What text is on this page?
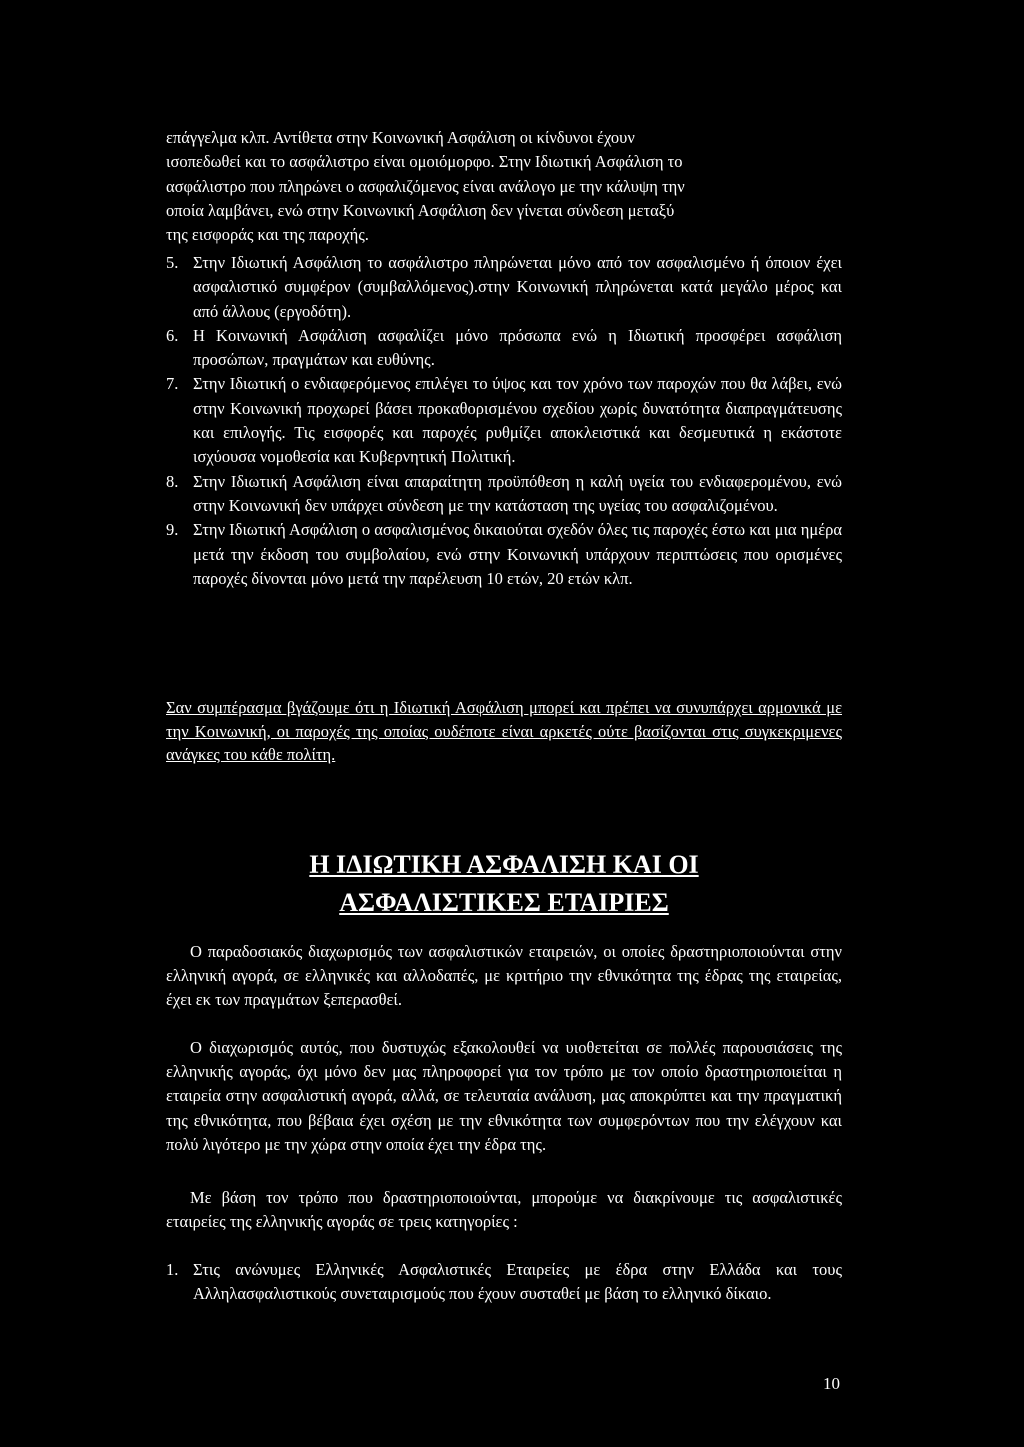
επάγγελμα κλπ. Αντίθετα στην Κοινωνική Ασφάλιση οι κίνδυνοι έχουν
ισοπεδωθεί και το ασφάλιστρο είναι ομοιόμορφο. Στην Ιδιωτική Ασφάλιση το
ασφάλιστρο που πληρώνει ο ασφαλιζόμενος είναι ανάλογο με την κάλυψη την
οποία λαμβάνει, ενώ στην Κοινωνική Ασφάλιση δεν γίνεται σύνδεση μεταξύ
της εισφοράς και της παροχής.
5. Στην Ιδιωτική Ασφάλιση το ασφάλιστρο πληρώνεται μόνο από τον ασφαλισμένο ή όποιον έχει ασφαλιστικό συμφέρον (συμβαλλόμενος).στην Κοινωνική πληρώνεται κατά μεγάλο μέρος και από άλλους (εργοδότη).
6. Η Κοινωνική Ασφάλιση ασφαλίζει μόνο πρόσωπα ενώ η Ιδιωτική προσφέρει ασφάλιση προσώπων, πραγμάτων και ευθύνης.
7. Στην Ιδιωτική ο ενδιαφερόμενος επιλέγει το ύψος και τον χρόνο των παροχών που θα λάβει, ενώ στην Κοινωνική προχωρεί βάσει προκαθορισμένου σχεδίου χωρίς δυνατότητα διαπραγμάτευσης και επιλογής. Τις εισφορές και παροχές ρυθμίζει αποκλειστικά και δεσμευτικά η εκάστοτε ισχύουσα νομοθεσία και Κυβερνητική Πολιτική.
8. Στην Ιδιωτική Ασφάλιση είναι απαραίτητη προϋπόθεση η καλή υγεία του ενδιαφερομένου, ενώ στην Κοινωνική δεν υπάρχει σύνδεση με την κατάσταση της υγείας του ασφαλιζομένου.
9. Στην Ιδιωτική Ασφάλιση ο ασφαλισμένος δικαιούται σχεδόν όλες τις παροχές έστω και μια ημέρα μετά την έκδοση του συμβολαίου, ενώ στην Κοινωνική υπάρχουν περιπτώσεις που ορισμένες παροχές δίνονται μόνο μετά την παρέλευση 10 ετών, 20 ετών κλπ.
Σαν συμπέρασμα βγάζουμε ότι η Ιδιωτική Ασφάλιση μπορεί και πρέπει να συνυπάρχει αρμονικά με την Κοινωνική, οι παροχές της οποίας ουδέποτε είναι αρκετές ούτε βασίζονται στις συγκεκριμενες ανάγκες του κάθε πολίτη.
Η ΙΔΙΩΤΙΚΗ ΑΣΦΑΛΙΣΗ ΚΑΙ ΟΙ
ΑΣΦΑΛΙΣΤΙΚΕΣ ΕΤΑΙΡΙΕΣ
Ο παραδοσιακός διαχωρισμός των ασφαλιστικών εταιρειών, οι οποίες δραστηριοποιούνται στην ελληνική αγορά, σε ελληνικές και αλλοδαπές, με κριτήριο την εθνικότητα της έδρας της εταιρείας, έχει εκ των πραγμάτων ξεπερασθεί.
Ο διαχωρισμός αυτός, που δυστυχώς εξακολουθεί να υιοθετείται σε πολλές παρουσιάσεις της ελληνικής αγοράς, όχι μόνο δεν μας πληροφορεί για τον τρόπο με τον οποίο δραστηριοποιείται η εταιρεία στην ασφαλιστική αγορά, αλλά, σε τελευταία ανάλυση, μας αποκρύπτει και την πραγματική της εθνικότητα, που βέβαια έχει σχέση με την εθνικότητα των συμφερόντων που την ελέγχουν και πολύ λιγότερο με την χώρα στην οποία έχει την έδρα της.
Με βάση τον τρόπο που δραστηριοποιούνται, μπορούμε να διακρίνουμε τις ασφαλιστικές εταιρείες της ελληνικής αγοράς σε τρεις κατηγορίες :
1. Στις ανώνυμες Ελληνικές Ασφαλιστικές Εταιρείες με έδρα στην Ελλάδα και τους Αλληλασφαλιστικούς συνεταιρισμούς που έχουν συσταθεί με βάση το ελληνικό δίκαιο.
10
